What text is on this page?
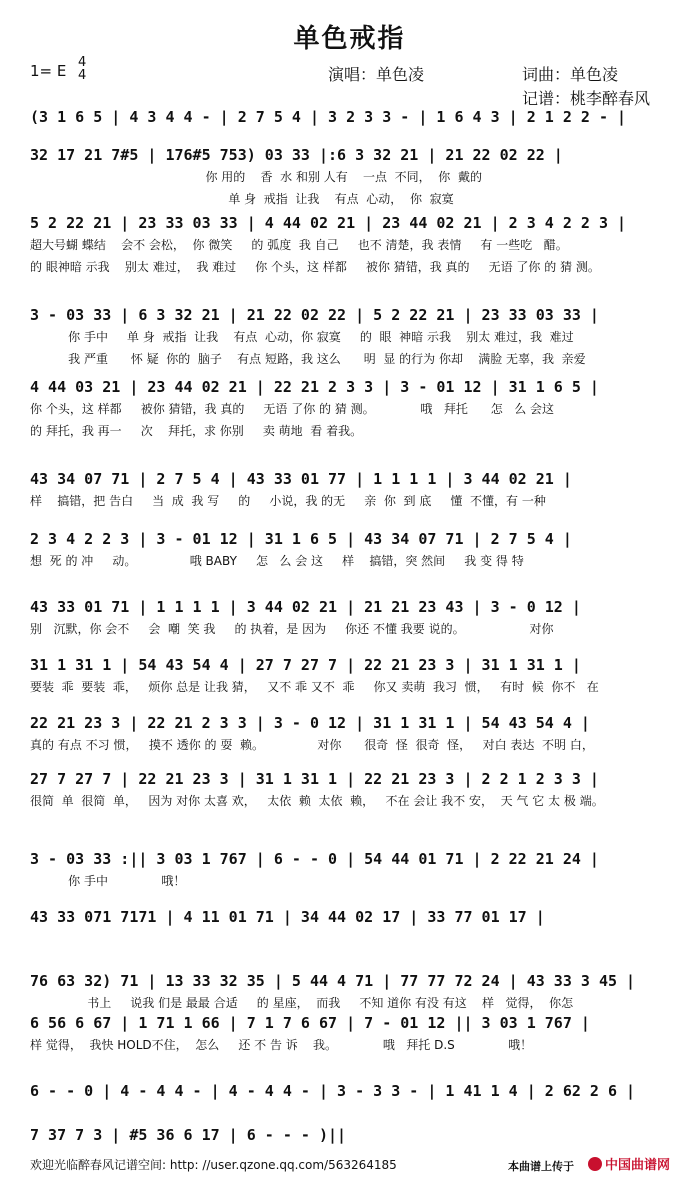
单色戒指
1= E 4
4	演唱：单色凌	词曲：单色凌
记谱：桃李醉春风
(3 1 6 5 | 4 3 4 4 - | 2 7 5 4 | 3 2 3 3 - | 1 6 4 3 | 2 1 2 2 - |
32 17 21 7#5 | 176#5 753) 03 33 |:6 3 32 21 | 21 22 02 22 |
你 用的    香  水 和别 人有    一点  不同，  你  戴的
单 身  戒指  让我    有点  心动，  你  寂寞
5 2 22 21 | 23 33 03 33 | 4 44 02 21 | 23 44 02 21 | 2 3 4 2 2 3 |
超大号蝴 蝶结    会不 会松，  你 微笑     的 弧度  我 自己     也不 清楚，我 表情     有 一些吃   醋。
的 眼神暗 示我    别太 难过，  我 难过     你 个头，这 样都     被你 猜错，我 真的     无语 了你 的 猜 测。
3 - 03 33 | 6 3 32 21 | 21 22 02 22 | 5 2 22 21 | 23 33 03 33 |
你 手中     单 身  戒指  让我    有点  心动，你 寂寞     的  眼  神暗 示我    别太 难过，我  难过
我 严重      怀 疑  你的  脑子    有点 短路，我 这么      明  显 的行为 你却    满脸 无辜，我  亲爱
4 44 03 21 | 23 44 02 21 | 22 21 2 3 3 | 3 - 01 12 | 31 1 6 5 |
你 个头，这 样都     被你 猜错，我 真的     无语 了你 的 猜 测。            哦   拜托      怎   么 会这
的 拜托，我 再一     次    拜托，求 你别     卖 萌地  看 着我。
43 34 07 71 | 2 7 5 4 | 43 33 01 77 | 1 1 1 1 | 3 44 02 21 |
样    搞错，把 告白     当  成  我 写     的     小说，我 的无     亲  你  到 底     懂  不懂，有 一种
2 3 4 2 2 3 | 3 - 01 12 | 31 1 6 5 | 43 34 07 71 | 2 7 5 4 |
想  死 的 冲     动。              哦 BABY     怎   么 会 这     样    搞错，突 然间     我 变 得 特
43 33 01 71 | 1 1 1 1 | 3 44 02 21 | 21 21 23 43 | 3 - 0 12 |
别   沉默，你 会不     会  嘲  笑 我     的 执着，是 因为     你还 不懂 我要 说的。                 对你
31 1 31 1 | 54 43 54 4 | 27 7 27 7 | 22 21 23 3 | 31 1 31 1 |
要装  乖  要装  乖，   烦你 总是 让我 猜，   又不 乖 又不  乖     你又 卖萌  我习  惯，   有时  候  你不   在
22 21 23 3 | 22 21 2 3 3 | 3 - 0 12 | 31 1 31 1 | 54 43 54 4 |
真的 有点 不习 惯，   摸不 透你 的 耍  赖。              对你      很奇  怪  很奇  怪，   对白 表达  不明 白，
27 7 27 7 | 22 21 23 3 | 31 1 31 1 | 22 21 23 3 | 2 2 1 2 3 3 |
很简  单  很简  单，   因为 对你 太喜 欢，   太依  赖  太依  赖，   不在 会让 我不 安，  天 气 它 太 极 端。
3 - 03 33 :|| 3 03 1 767 | 6 - - 0 | 54 44 01 71 | 2 22 21 24 |
你 手中              哦！
43 33 071 7171 | 4 11 01 71 | 34 44 02 17 | 33 77 01 17 |
76 63 32) 71 | 13 33 32 35 | 5 44 4 71 | 77 77 72 24 | 43 33 3 45 |
书上     说我 们是 最最 合适     的 星座，  而我     不知 道你 有没 有这    样   觉得，  你怎
6 56 6 67 | 1 71 1 66 | 7 1 7 6 67 | 7 - 01 12 || 3 03 1 767 |
样 觉得，  我快 HOLD不住，  怎么     还 不 告 诉    我。            哦   拜托 D.S              哦！
6 - - 0 | 4 - 4 4 - | 4 - 4 4 - | 3 - 3 3 - | 1 41 1 4 | 2 62 2 6 |
7 37 7 3 | #5 36 6 17 | 6 - - - )||
欢迎光临醉春风记谱空间: http: //user.qzone.qq.com/563264185	本曲谱上传于	中国曲谱网
